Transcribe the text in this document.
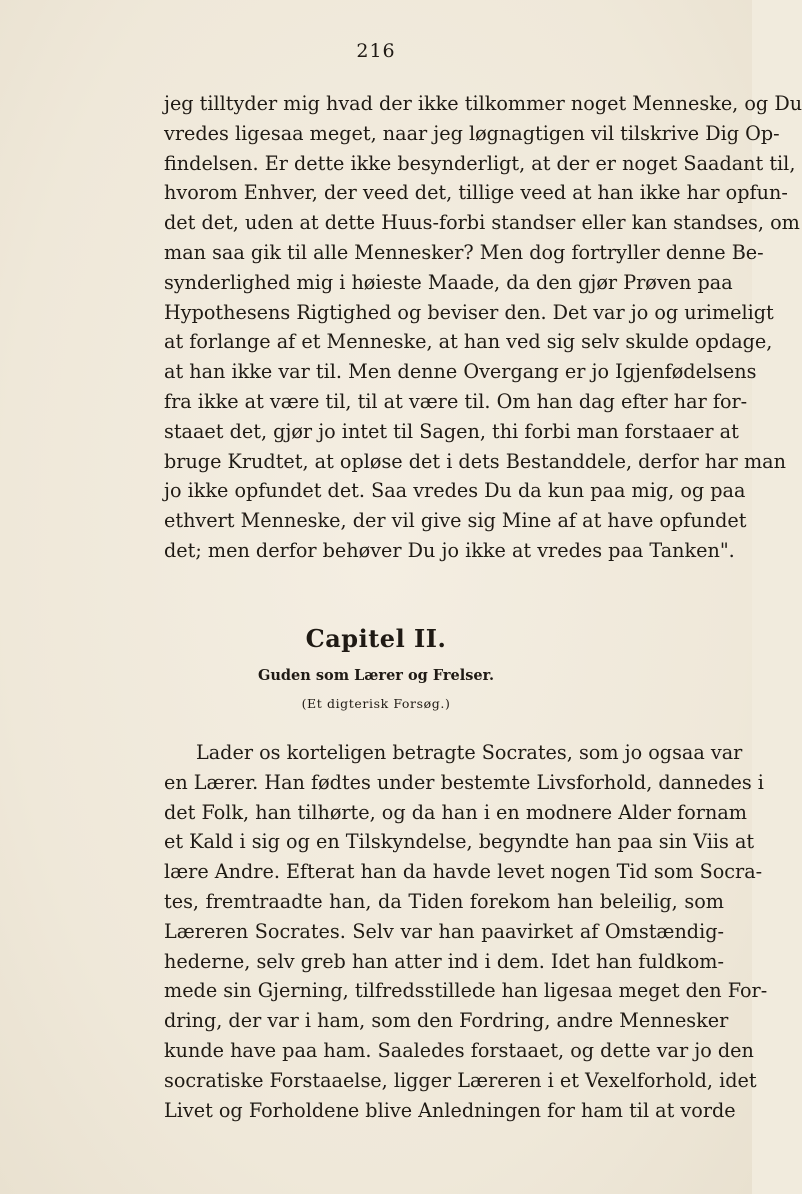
216
jeg tilltyder mig hvad der ikke tilkommer noget Menneske, og Du
vredes ligesaa meget, naar jeg løgnagtigen vil tilskrive Dig Op-
findelsen. Er dette ikke besynderligt, at der er noget Saadant til,
hvorom Enhver, der veed det, tillige veed at han ikke har opfun-
det det, uden at dette Huus-forbi standser eller kan standses, om
man saa gik til alle Mennesker? Men dog fortryller denne Be-
synderlighed mig i høieste Maade, da den gjør Prøven paa
Hypothesens Rigtighed og beviser den. Det var jo og urimeligt
at forlange af et Menneske, at han ved sig selv skulde opdage,
at han ikke var til. Men denne Overgang er jo Igjenfødelsens
fra ikke at være til, til at være til. Om han dag efter har for-
staaet det, gjør jo intet til Sagen, thi forbi man forstaaer at
bruge Krudtet, at opløse det i dets Bestanddele, derfor har man
jo ikke opfundet det. Saa vredes Du da kun paa mig, og paa
ethvert Menneske, der vil give sig Mine af at have opfundet
det; men derfor behøver Du jo ikke at vredes paa Tanken".
Capitel II.
Guden som Lærer og Frelser.
(Et digterisk Forsøg.)
Lader os korteligen betragte Socrates, som jo ogsaa var
en Lærer. Han fødtes under bestemte Livsforhold, dannedes i
det Folk, han tilhørte, og da han i en modnere Alder fornam
et Kald i sig og en Tilskyndelse, begyndte han paa sin Viis at
lære Andre. Efterat han da havde levet nogen Tid som Socra-
tes, fremtraadte han, da Tiden forekom han beleilig, som
Læreren Socrates. Selv var han paavirket af Omstændig-
hederne, selv greb han atter ind i dem. Idet han fuldkom-
mede sin Gjerning, tilfredsstillede han ligesaa meget den For-
dring, der var i ham, som den Fordring, andre Mennesker
kunde have paa ham. Saaledes forstaaet, og dette var jo den
socratiske Forstaaelse, ligger Læreren i et Vexelforhold, idet
Livet og Forholdene blive Anledningen for ham til at vorde
